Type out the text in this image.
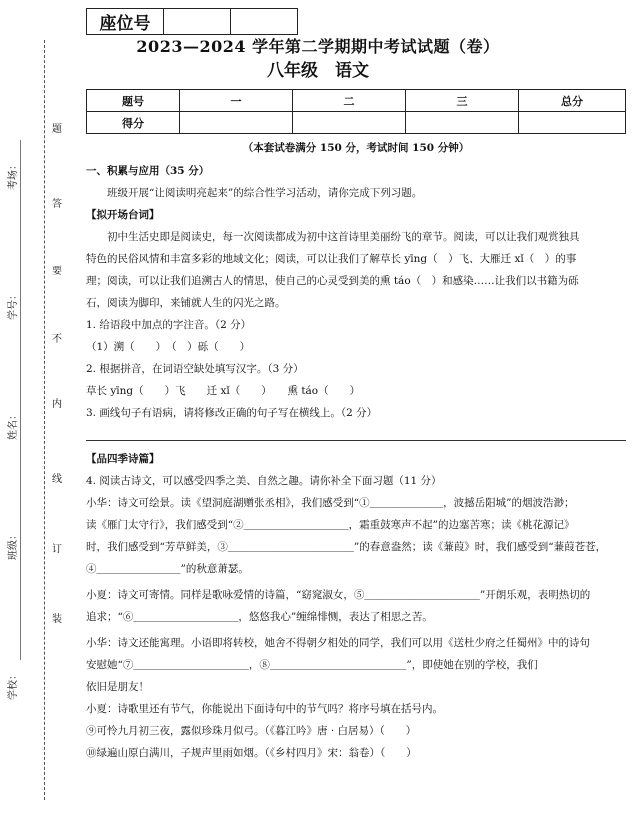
考场：
学号：
姓名：
班级：
学校：
题
答
要
不
内
线
订
装
座位号
2023—2024 学年第二学期期中考试试题（卷）
八年级　语文
题号	一	二	三	总分
得分				
（本套试卷满分 150 分，考试时间 150 分钟）
一、积累与应用（35 分）
　　班级开展“让阅读明亮起来”的综合性学习活动，请你完成下列习题。
【拟开场台词】
　　初中生活史即是阅读史，每一次阅读都成为初中这首诗里美丽纷飞的章节。阅读，可以让我们观赏独具
特色的民俗风情和丰富多彩的地域文化；阅读，可以让我们了解草长 yīng（　）飞、大雁迁 xǐ（　）的事
理；阅读，可以让我们追溯古人的情思，使自己的心灵受到美的熏 táo（　）和感染……让我们以书籍为砾
石，阅读为脚印，来铺就人生的闪光之路。
1. 给语段中加点的字注音。（2 分）
（1）溯（　　）　（　）砾（　　）
2. 根据拼音，在词语空缺处填写汉字。（3 分）
草长 yīng（　　）飞　　迁 xǐ（　　）　　熏 táo（　　）
3. 画线句子有语病，请将修改正确的句子写在横线上。（2 分）
【品四季诗篇】
4. 阅读古诗文，可以感受四季之美、自然之趣。请你补全下面习题（11 分）
小华：诗文可绘景。读《望洞庭湖赠张丞相》，我们感受到“①＿＿＿＿＿＿＿，波撼岳阳城”的烟波浩渺；
读《雁门太守行》，我们感受到“②＿＿＿＿＿＿＿＿＿＿，霜重鼓寒声不起”的边塞苦寒；读《桃花源记》
时，我们感受到“芳草鲜美，③＿＿＿＿＿＿＿＿＿＿＿＿”的春意盎然；读《蒹葭》时，我们感受到“蒹葭苍苍，
④＿＿＿＿＿＿＿＿”的秋意萧瑟。
小夏：诗文可寄情。同样是歌咏爱情的诗篇，“窈窕淑女，⑤＿＿＿＿＿＿＿＿＿＿＿”开朗乐观，表明热切的
追求；“⑥＿＿＿＿＿＿＿＿＿＿，悠悠我心”缠绵悱恻，表达了相思之苦。
小华：诗文还能寓理。小语即将转校，她舍不得朝夕相处的同学，我们可以用《送杜少府之任蜀州》中的诗句
安慰她“⑦＿＿＿＿＿＿＿＿＿＿＿，⑧＿＿＿＿＿＿＿＿＿＿＿＿＿”，即使她在别的学校，我们
依旧是朋友！
小夏：诗歌里还有节气，你能说出下面诗句中的节气吗？将序号填在括号内。
⑨可怜九月初三夜，露似珍珠月似弓。（《暮江吟》唐 · 白居易）（　　）
⑩绿遍山原白满川，子规声里雨如烟。（《乡村四月》宋：翁卷）（　　）
